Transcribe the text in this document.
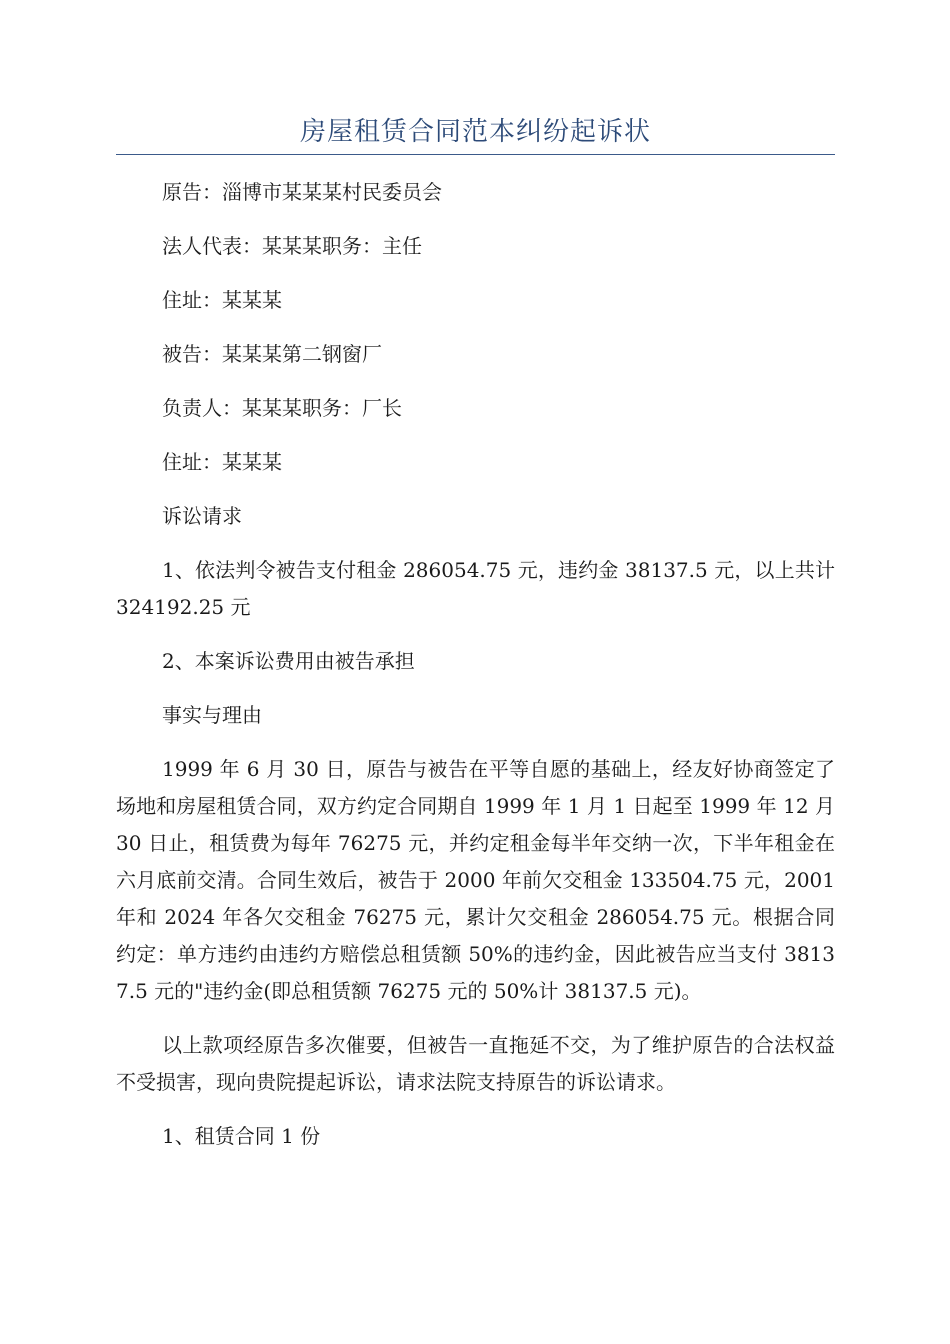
房屋租赁合同范本纠纷起诉状

原告：淄博市某某某村民委员会

法人代表：某某某职务：主任

住址：某某某

被告：某某某第二钢窗厂

负责人：某某某职务：厂长

住址：某某某

诉讼请求

1、依法判令被告支付租金 286054.75 元，违约金 38137.5 元，以上共计 324192.25 元

2、本案诉讼费用由被告承担

事实与理由

1999 年 6 月 30 日，原告与被告在平等自愿的基础上，经友好协商签定了场地和房屋租赁合同，双方约定合同期自 1999 年 1 月 1 日起至 1999 年 12 月 30 日止，租赁费为每年 76275 元，并约定租金每半年交纳一次，下半年租金在六月底前交清。合同生效后，被告于 2000 年前欠交租金 133504.75 元，2001 年和 2024 年各欠交租金 76275 元，累计欠交租金 286054.75 元。根据合同约定：单方违约由违约方赔偿总租赁额 50%的违约金，因此被告应当支付 38137.5 元的"违约金(即总租赁额 76275 元的 50%计 38137.5 元)。

以上款项经原告多次催要，但被告一直拖延不交，为了维护原告的合法权益不受损害，现向贵院提起诉讼，请求法院支持原告的诉讼请求。

1、租赁合同 1 份
